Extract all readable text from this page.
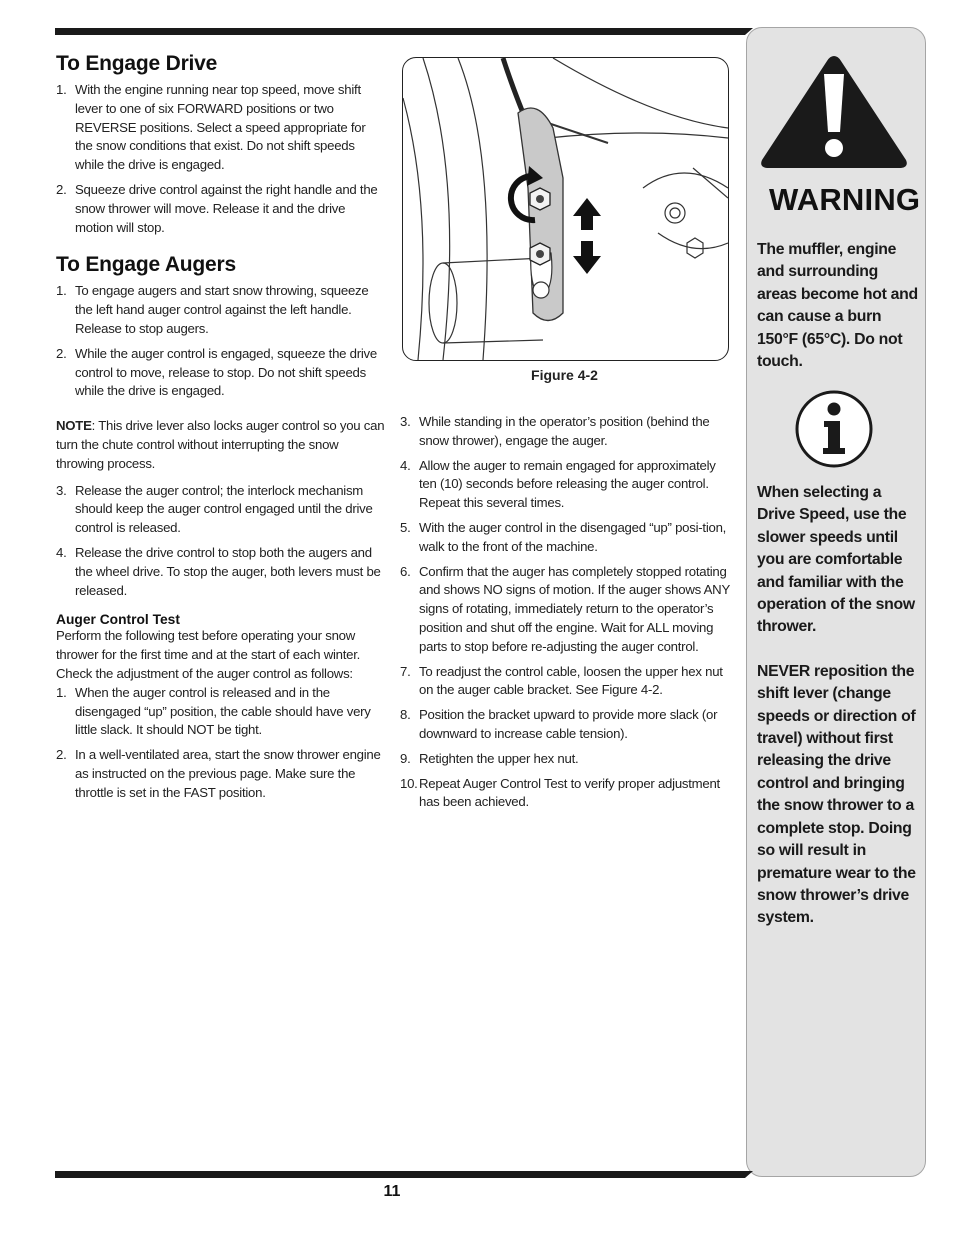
To Engage Drive
1. With the engine running near top speed, move shift lever to one of six FORWARD positions or two REVERSE positions. Select a speed appropriate for the snow conditions that exist. Do not shift speeds while the drive is engaged.
2. Squeeze drive control against the right handle and the snow thrower will move. Release it and the drive motion will stop.
To Engage Augers
1. To engage augers and start snow throwing, squeeze the left hand auger control against the left handle. Release to stop augers.
2. While the auger control is engaged, squeeze the drive control to move, release to stop. Do not shift speeds while the drive is engaged.

NOTE: This drive lever also locks auger control so you can turn the chute control without interrupting the snow throwing process.

3. Release the auger control; the interlock mechanism should keep the auger control engaged until the drive control is released.
4. Release the drive control to stop both the augers and the wheel drive. To stop the auger, both levers must be released.
Auger Control Test

Perform the following test before operating your snow thrower for the first time and at the start of each winter. Check the adjustment of the auger control as follows:

1. When the auger control is released and in the disengaged “up” position, the cable should have very little slack. It should NOT be tight.
2. In a well-ventilated area, start the snow thrower engine as instructed on the previous page. Make sure the throttle is set in the FAST position.
Figure 4-2
3. While standing in the operator’s position (behind the snow thrower), engage the auger.
4. Allow the auger to remain engaged for approximately ten (10) seconds before releasing the auger control. Repeat this several times.
5. With the auger control in the disengaged “up” posi-tion, walk to the front of the machine.
6. Confirm that the auger has completely stopped rotating and shows NO signs of motion. If the auger shows ANY signs of rotating, immediately return to the operator’s position and shut off the engine. Wait for ALL moving parts to stop before re-adjusting the auger control.
7. To readjust the control cable, loosen the upper hex nut on the auger cable bracket. See Figure 4-2.
8. Position the bracket upward to provide more slack (or downward to increase cable tension).
9. Retighten the upper hex nut.
10. Repeat Auger Control Test to verify proper adjustment has been achieved.
WARNING

The muffler, engine and surrounding areas become hot and can cause a burn 150°F (65°C). Do not touch.

When selecting a Drive Speed, use the slower speeds until you are comfortable and familiar with the operation of the snow thrower.

NEVER reposition the shift lever (change speeds or direction of travel) without first releasing the drive control and bringing the snow thrower to a complete stop. Doing so will result in premature wear to the snow thrower’s drive system.

11
